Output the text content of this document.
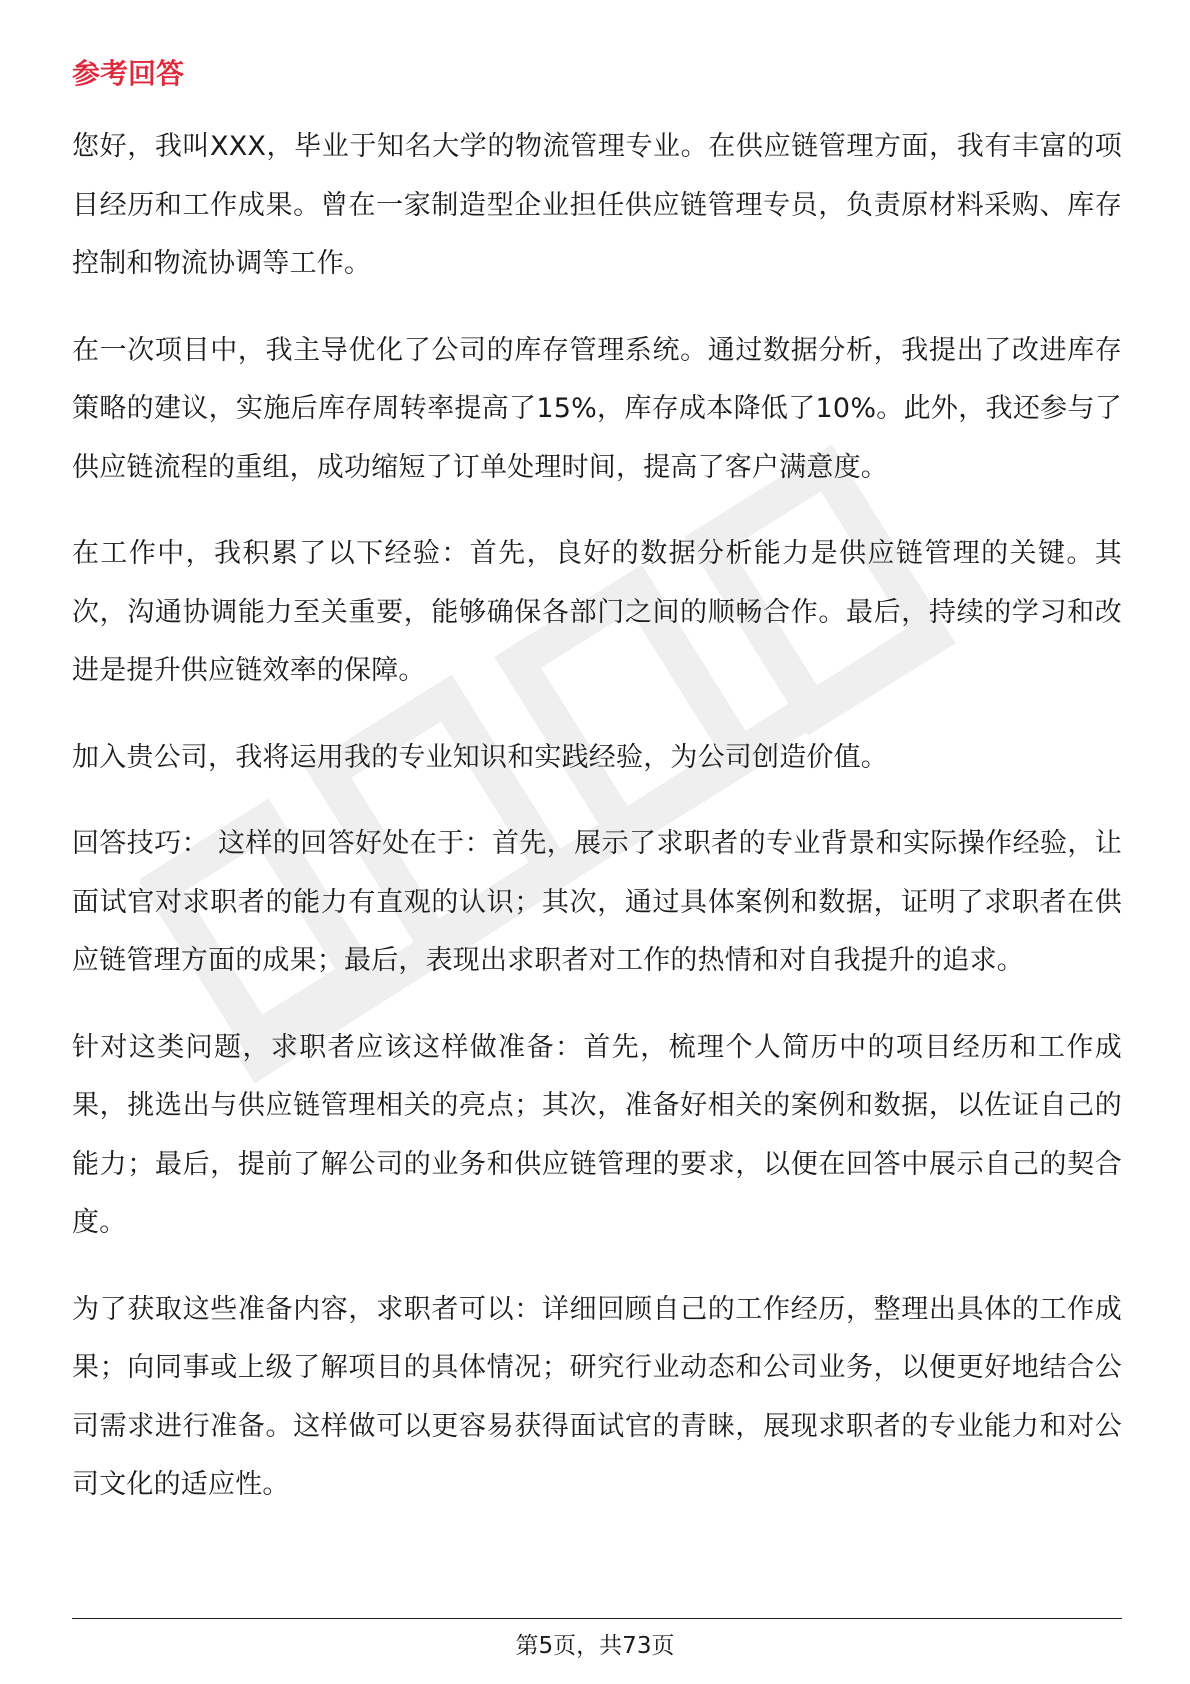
参考回答

您好，我叫XXX，毕业于知名大学的物流管理专业。在供应链管理方面，我有丰富的项目经历和工作成果。曾在一家制造型企业担任供应链管理专员，负责原材料采购、库存控制和物流协调等工作。

在一次项目中，我主导优化了公司的库存管理系统。通过数据分析，我提出了改进库存策略的建议，实施后库存周转率提高了15%，库存成本降低了10%。此外，我还参与了供应链流程的重组，成功缩短了订单处理时间，提高了客户满意度。

在工作中，我积累了以下经验：首先，良好的数据分析能力是供应链管理的关键。其次，沟通协调能力至关重要，能够确保各部门之间的顺畅合作。最后，持续的学习和改进是提升供应链效率的保障。

加入贵公司，我将运用我的专业知识和实践经验，为公司创造价值。

回答技巧： 这样的回答好处在于：首先，展示了求职者的专业背景和实际操作经验，让面试官对求职者的能力有直观的认识；其次，通过具体案例和数据，证明了求职者在供应链管理方面的成果；最后，表现出求职者对工作的热情和对自我提升的追求。

针对这类问题，求职者应该这样做准备：首先，梳理个人简历中的项目经历和工作成果，挑选出与供应链管理相关的亮点；其次，准备好相关的案例和数据，以佐证自己的能力；最后，提前了解公司的业务和供应链管理的要求，以便在回答中展示自己的契合度。

为了获取这些准备内容，求职者可以：详细回顾自己的工作经历，整理出具体的工作成果；向同事或上级了解项目的具体情况；研究行业动态和公司业务，以便更好地结合公司需求进行准备。这样做可以更容易获得面试官的青睐，展现求职者的专业能力和对公司文化的适应性。

第5页，共73页
